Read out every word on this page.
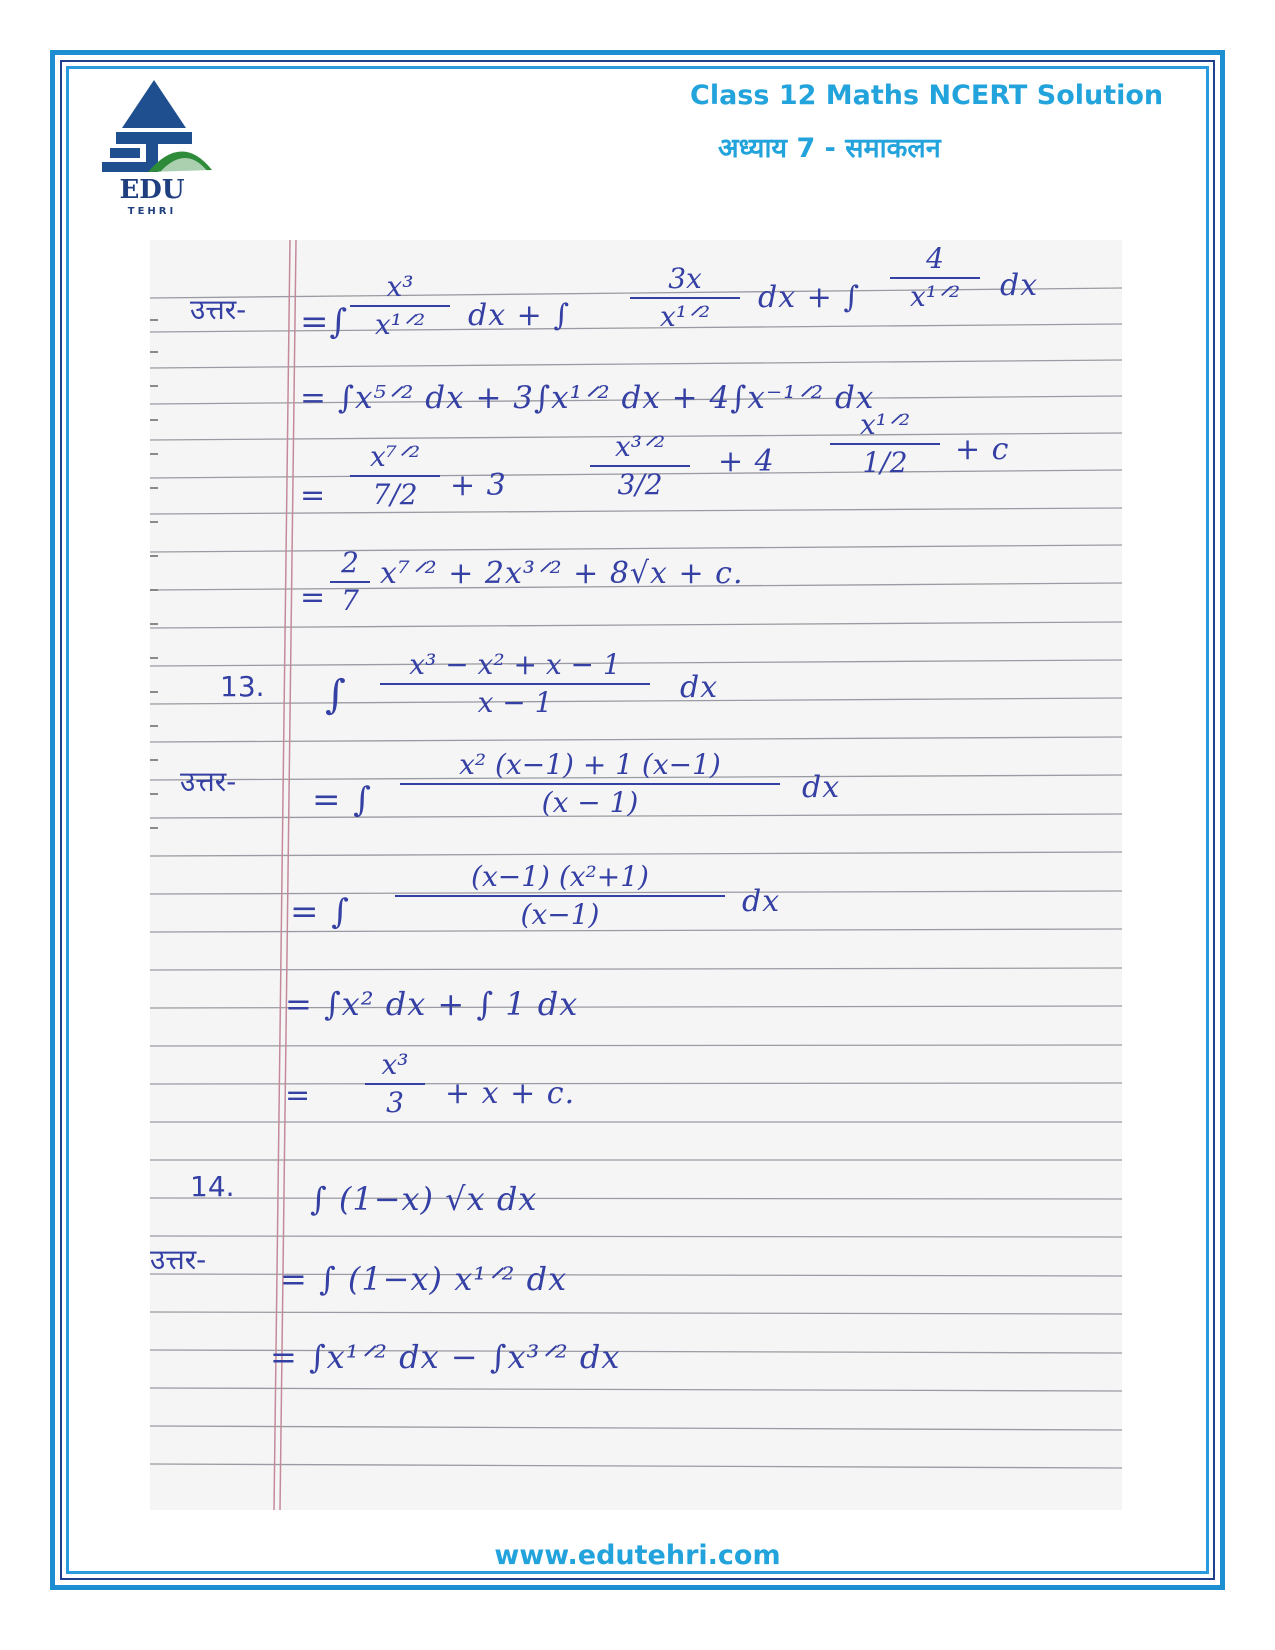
EDU
TEHRI
Class 12 Maths NCERT Solution
अध्याय 7 - समाकलन
उत्तर- =∫
x³
x¹ᐟ²	dx + ∫
3x
x¹ᐟ²
dx + ∫
4
x¹ᐟ²	dx
= ∫x⁵ᐟ² dx + 3∫x¹ᐟ² dx + 4∫x⁻¹ᐟ² dx
=
x⁷ᐟ²
7/2	+ 3
x³ᐟ²
3/2
+ 4
x¹ᐟ²
1/2	+ c
=
2
7
x⁷ᐟ² + 2x³ᐟ² + 8√x + c.
13. ∫
x³ − x² + x − 1
x − 1	dx
उत्तर- = ∫
x² (x−1) + 1 (x−1)
(x − 1)	dx
= ∫
(x−1) (x²+1)
(x−1)	dx
= ∫x² dx + ∫ 1 dx
=
x³
3	+ x + c.
14. ∫ (1−x) √x dx
उत्तर-
= ∫ (1−x) x¹ᐟ² dx
= ∫x¹ᐟ² dx − ∫x³ᐟ² dx
www.edutehri.com
